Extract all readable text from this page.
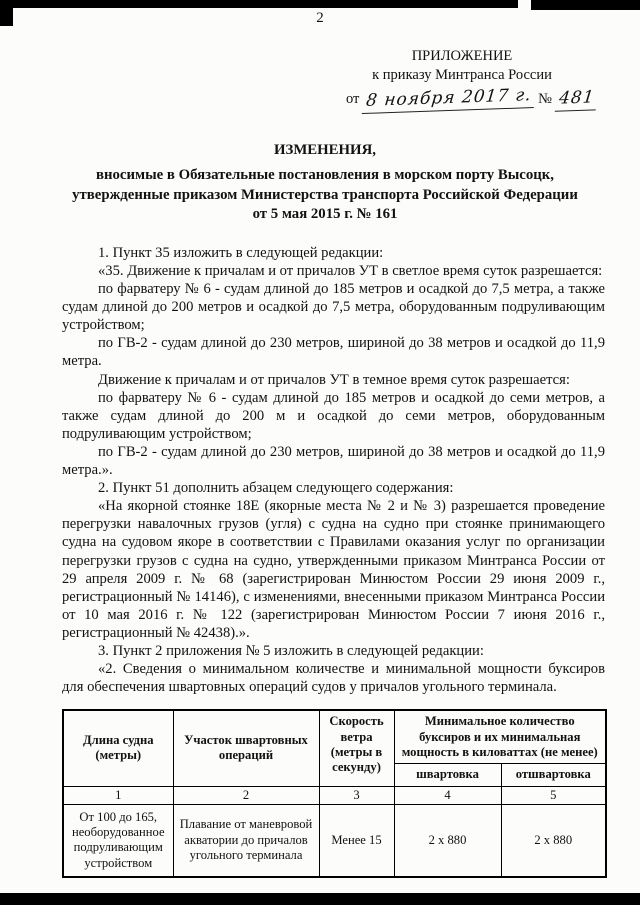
2
ПРИЛОЖЕНИЕ
к приказу Минтранса России
от 8 ноября 2017 г. № 481
ИЗМЕНЕНИЯ,
вносимые в Обязательные постановления в морском порту Высоцк,
утвержденные приказом Министерства транспорта Российской Федерации
от 5 мая 2015 г. № 161

1. Пункт 35 изложить в следующей редакции:

«35. Движение к причалам и от причалов УТ в светлое время суток разрешается:

по фарватеру № 6 - судам длиной до 185 метров и осадкой до 7,5 метра, а также судам длиной до 200 метров и осадкой до 7,5 метра, оборудованным подруливающим устройством;

по ГВ-2 - судам длиной до 230 метров, шириной до 38 метров и осадкой до 11,9 метра.

Движение к причалам и от причалов УТ в темное время суток разрешается:

по фарватеру № 6 - судам длиной до 185 метров и осадкой до семи метров, а также судам длиной до 200 м и осадкой до семи метров, оборудованным подруливающим устройством;

по ГВ-2 - судам длиной до 230 метров, шириной до 38 метров и осадкой до 11,9 метра.».

2. Пункт 51 дополнить абзацем следующего содержания:

«На якорной стоянке 18Е (якорные места № 2 и № 3) разрешается проведение перегрузки навалочных грузов (угля) с судна на судно при стоянке принимающего судна на судовом якоре в соответствии с Правилами оказания услуг по организации перегрузки грузов с судна на судно, утвержденными приказом Минтранса России от 29 апреля 2009 г. № 68 (зарегистрирован Минюстом России 29 июня 2009 г., регистрационный № 14146), с изменениями, внесенными приказом Минтранса России от 10 мая 2016 г. № 122 (зарегистрирован Минюстом России 7 июня 2016 г., регистрационный № 42438).».

3. Пункт 2 приложения № 5 изложить в следующей редакции:

«2. Сведения о минимальном количестве и минимальной мощности буксиров для обеспечения швартовных операций судов у причалов угольного терминала.

Длина судна (метры)	Участок швартовных операций	Скорость ветра (метры в секунду)	Минимальное количество буксиров и их минимальная мощность в киловаттах (не менее)	
			швартовка	отшвартовка
1	2	3	4	5
От 100 до 165, необорудованное подруливающим устройством	Плавание от маневровой акватории до причалов угольного терминала	Менее 15	2 х 880	2 х 880
